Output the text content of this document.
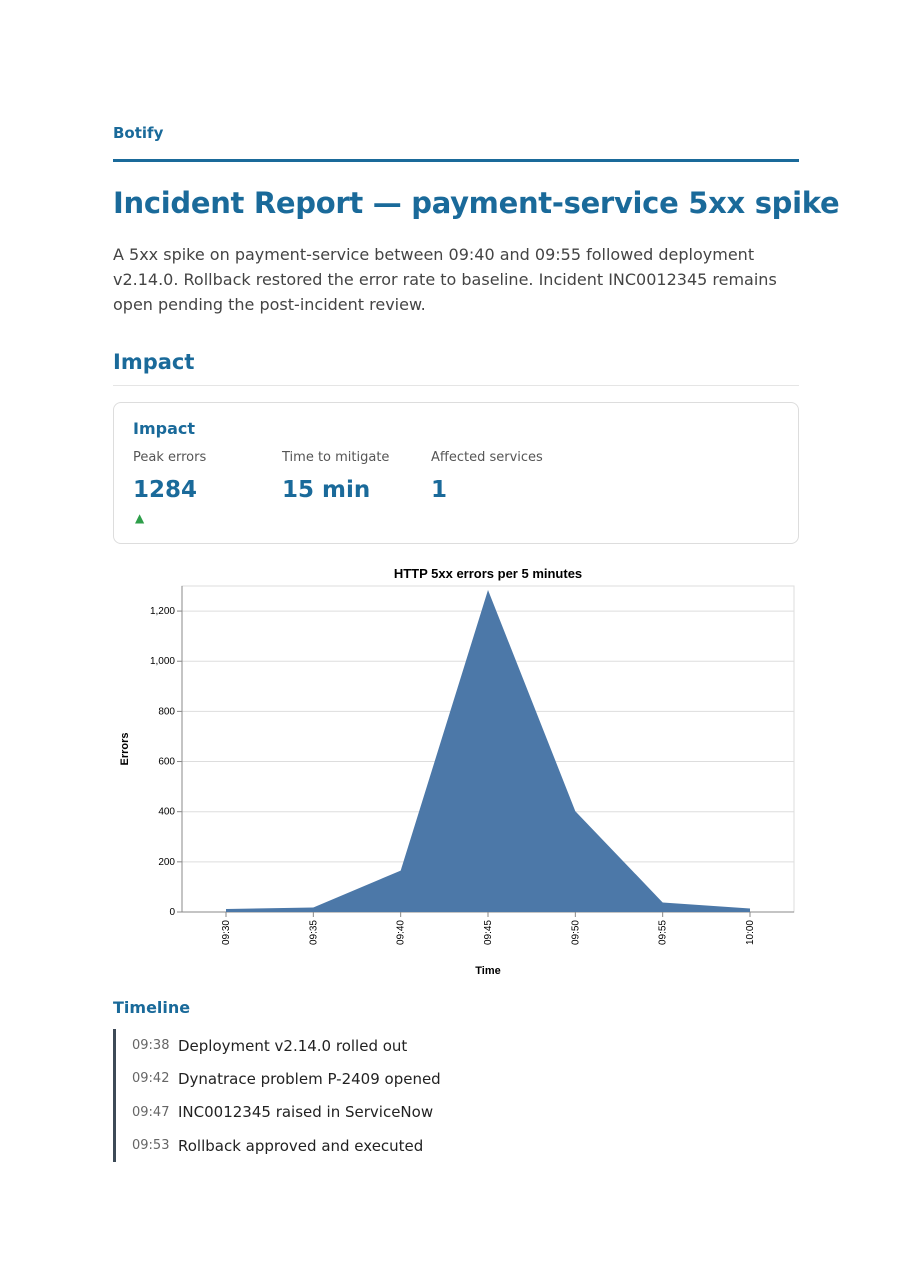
Botify
Incident Report — payment-service 5xx spike

A 5xx spike on payment-service between 09:40 and 09:55 followed deployment v2.14.0. Rollback restored the error rate to baseline. Incident INC0012345 remains open pending the post-incident review.

Impact
Impact
Peak errors
1284
▲
Time to mitigate
15 min
Affected services
1
Timeline
09:38 Deployment v2.14.0 rolled out
09:42 Dynatrace problem P-2409 opened
09:47 INC0012345 raised in ServiceNow
09:53 Rollback approved and executed
0
200
400
600
800
1,000
1,200
09:30	09:35	09:40	09:45	09:50	09:55	10:00
HTTP 5xx errors per 5 minutes
Time
Errors
